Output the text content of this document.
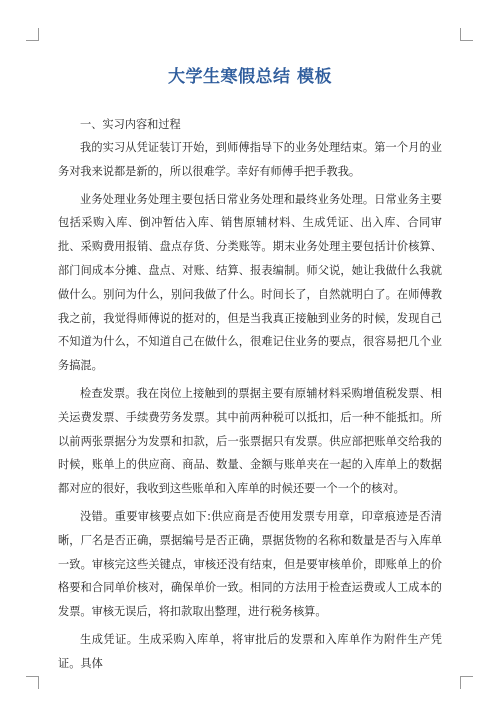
大学生寒假总结 模板
一、实习内容和过程

我的实习从凭证装订开始，到师傅指导下的业务处理结束。第一个月的业务对我来说都是新的，所以很难学。幸好有师傅手把手教我。

业务处理业务处理主要包括日常业务处理和最终业务处理。日常业务主要包括采购入库、倒冲暂估入库、销售原辅材料、生成凭证、出入库、合同审批、采购费用报销、盘点存货、分类账等。期末业务处理主要包括计价核算、部门间成本分摊、盘点、对账、结算、报表编制。师父说，她让我做什么我就做什么。别问为什么，别问我做了什么。时间长了，自然就明白了。在师傅教我之前，我觉得师傅说的挺对的，但是当我真正接触到业务的时候，发现自己不知道为什么，不知道自己在做什么，很难记住业务的要点，很容易把几个业务搞混。

检查发票。我在岗位上接触到的票据主要有原辅材料采购增值税发票、相关运费发票、手续费劳务发票。其中前两种税可以抵扣，后一种不能抵扣。所以前两张票据分为发票和扣款，后一张票据只有发票。供应部把账单交给我的时候，账单上的供应商、商品、数量、金额与账单夹在一起的入库单上的数据都对应的很好，我收到这些账单和入库单的时候还要一个一个的核对。

没错。重要审核要点如下:供应商是否使用发票专用章，印章痕迹是否清晰，厂名是否正确，票据编号是否正确，票据货物的名称和数量是否与入库单一致。审核完这些关键点，审核还没有结束，但是要审核单价，即账单上的价格要和合同单价核对，确保单价一致。相同的方法用于检查运费或人工成本的发票。审核无误后，将扣款取出整理，进行税务核算。

生成凭证。生成采购入库单，将审批后的发票和入库单作为附件生产凭证。具体
